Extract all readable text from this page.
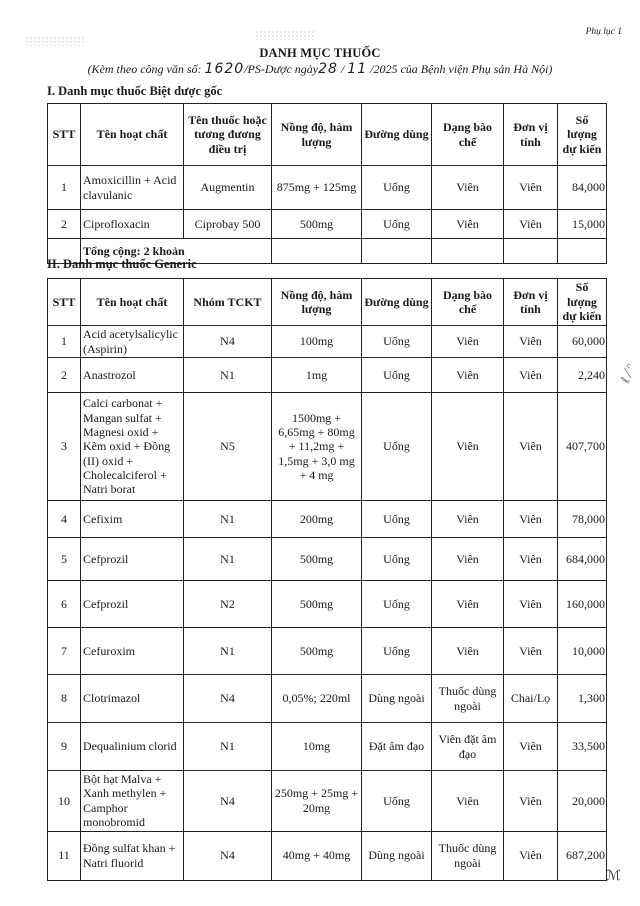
Phụ lục 1
DANH MỤC THUỐC
(Kèm theo công văn số: 1620/PS-Dược ngày28 / 11 /2025 của Bệnh viện Phụ sản Hà Nội)
I. Danh mục thuốc Biệt dược gốc
STT	Tên hoạt chất	Tên thuốc hoặc tương đương điều trị	Nồng độ, hàm lượng	Đường dùng	Dạng bào chế	Đơn vị tính	Số lượng dự kiến
1	Amoxicillin + Acid clavulanic	Augmentin	875mg + 125mg	Uống	Viên	Viên	84,000
2	Ciprofloxacin	Ciprobay 500	500mg	Uống	Viên	Viên	15,000
	Tổng cộng: 2 khoản						
II. Danh mục thuốc Generic
STT	Tên hoạt chất	Nhóm TCKT	Nồng độ, hàm lượng	Đường dùng	Dạng bào chế	Đơn vị tính	Số lượng dự kiến
1	Acid acetylsalicylic (Aspirin)	N4	100mg	Uống	Viên	Viên	60,000
2	Anastrozol	N1	1mg	Uống	Viên	Viên	2,240
3	Calci carbonat + Mangan sulfat + Magnesi oxid + Kẽm oxid + Đồng (II) oxid + Cholecalciferol + Natri borat	N5	1500mg + 6,65mg + 80mg + 11,2mg + 1,5mg + 3,0 mg + 4 mg	Uống	Viên	Viên	407,700
4	Cefixim	N1	200mg	Uống	Viên	Viên	78,000
5	Cefprozil	N1	500mg	Uống	Viên	Viên	684,000
6	Cefprozil	N2	500mg	Uống	Viên	Viên	160,000
7	Cefuroxim	N1	500mg	Uống	Viên	Viên	10,000
8	Clotrimazol	N4	0,05%; 220ml	Dùng ngoài	Thuốc dùng ngoài	Chai/Lọ	1,300
9	Dequalinium clorid	N1	10mg	Đặt âm đạo	Viên đặt âm đạo	Viên	33,500
10	Bột hạt Malva + Xanh methylen + Camphor monobromid	N4	250mg + 25mg + 20mg	Uống	Viên	Viên	20,000
11	Đồng sulfat khan + Natri fluorid	N4	40mg + 40mg	Dùng ngoài	Thuốc dùng ngoài	Viên	687,200
ℓ ⁄ ⁿ
ℳ
